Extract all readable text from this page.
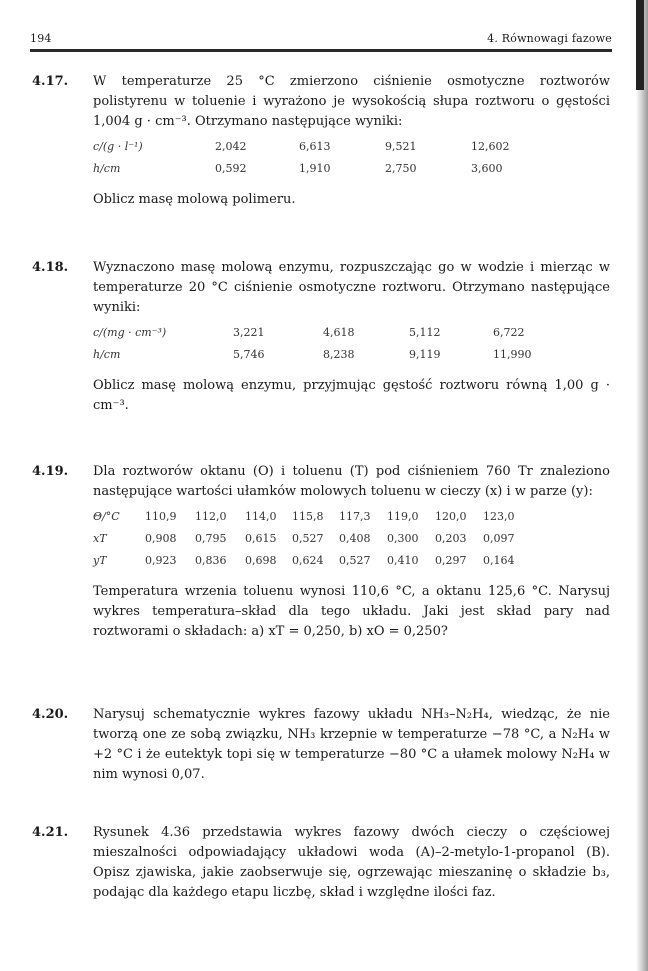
194	4. Równowagi fazowe
4.17.	W temperaturze 25 °C zmierzono ciśnienie osmotyczne roztworów polistyrenu w toluenie i wyrażono je wysokością słupa roztworu o gęstości 1,004 g · cm⁻³. Otrzymano następujące wyniki:

c/(g · l⁻¹)	2,042	6,613	9,521	12,602
h/cm	0,592	1,910	2,750	3,600

Oblicz masę molową polimeru.

4.18.	Wyznaczono masę molową enzymu, rozpuszczając go w wodzie i mierząc w temperaturze 20 °C ciśnienie osmotyczne roztworu. Otrzymano następujące wyniki:

c/(mg · cm⁻³)	3,221	4,618	5,112	6,722
h/cm	5,746	8,238	9,119	11,990

Oblicz masę molową enzymu, przyjmując gęstość roztworu równą 1,00 g · cm⁻³.

4.19.	Dla roztworów oktanu (O) i toluenu (T) pod ciśnieniem 760 Tr znaleziono następujące wartości ułamków molowych toluenu w cieczy (x) i w parze (y):

Θ/°C	110,9	112,0	114,0	115,8	117,3	119,0	120,0	123,0
xT	0,908	0,795	0,615	0,527	0,408	0,300	0,203	0,097
yT	0,923	0,836	0,698	0,624	0,527	0,410	0,297	0,164

Temperatura wrzenia toluenu wynosi 110,6 °C, a oktanu 125,6 °C. Narysuj wykres temperatura–skład dla tego układu. Jaki jest skład pary nad roztworami o składach: a) xT = 0,250, b) xO = 0,250?

4.20.	Narysuj schematycznie wykres fazowy układu NH₃–N₂H₄, wiedząc, że nie tworzą one ze sobą związku, NH₃ krzepnie w temperaturze −78 °C, a N₂H₄ w +2 °C i że eutektyk topi się w temperaturze −80 °C a ułamek molowy N₂H₄ w nim wynosi 0,07.

4.21.	Rysunek 4.36 przedstawia wykres fazowy dwóch cieczy o częściowej mieszalności odpowiadający układowi woda (A)–2-metylo-1-propanol (B). Opisz zjawiska, jakie zaobserwuje się, ogrzewając mieszaninę o składzie b₃, podając dla każdego etapu liczbę, skład i względne ilości faz.
